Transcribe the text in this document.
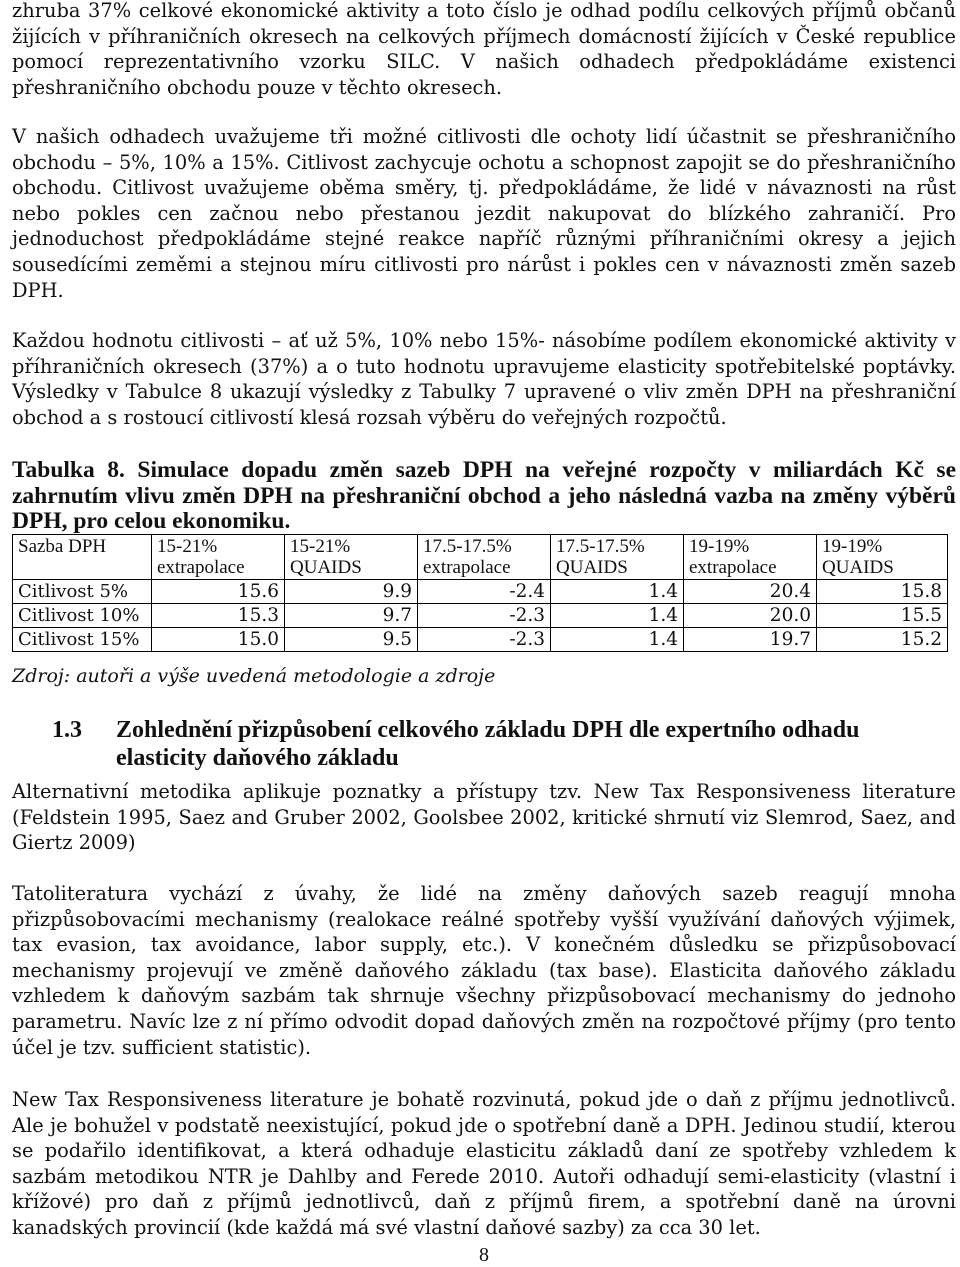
zhruba 37% celkové ekonomické aktivity a toto číslo je odhad podílu celkových příjmů občanů žijících v příhraničních okresech na celkových příjmech domácností žijících v České republice pomocí reprezentativního vzorku SILC. V našich odhadech předpokládáme existenci přeshraničního obchodu pouze v těchto okresech.

V našich odhadech uvažujeme tři možné citlivosti dle ochoty lidí účastnit se přeshraničního obchodu – 5%, 10% a 15%. Citlivost zachycuje ochotu a schopnost zapojit se do přeshraničního obchodu. Citlivost uvažujeme oběma směry, tj. předpokládáme, že lidé v návaznosti na růst nebo pokles cen začnou nebo přestanou jezdit nakupovat do blízkého zahraničí. Pro jednoduchost předpokládáme stejné reakce napříč různými příhraničními okresy a jejich sousedícími zeměmi a stejnou míru citlivosti pro nárůst i pokles cen v návaznosti změn sazeb DPH.

Každou hodnotu citlivosti – ať už 5%, 10% nebo 15%- násobíme podílem ekonomické aktivity v příhraničních okresech (37%) a o tuto hodnotu upravujeme elasticity spotřebitelské poptávky. Výsledky v Tabulce 8 ukazují výsledky z Tabulky 7 upravené o vliv změn DPH na přeshraniční obchod a s rostoucí citlivostí klesá rozsah výběru do veřejných rozpočtů.

Tabulka 8. Simulace dopadu změn sazeb DPH na veřejné rozpočty v miliardách Kč se zahrnutím vlivu změn DPH na přeshraniční obchod a jeho následná vazba na změny výběrů DPH, pro celou ekonomiku.
Sazba DPH	15-21% extrapolace	15-21% QUAIDS	17.5-17.5% extrapolace	17.5-17.5% QUAIDS	19-19% extrapolace	19-19% QUAIDS
Citlivost 5%	15.6	9.9	-2.4	1.4	20.4	15.8
Citlivost 10%	15.3	9.7	-2.3	1.4	20.0	15.5
Citlivost 15%	15.0	9.5	-2.3	1.4	19.7	15.2
Zdroj: autoři a výše uvedená metodologie a zdroje
1.3 Zohlednění přizpůsobení celkového základu DPH dle expertního odhadu elasticity daňového základu

Alternativní metodika aplikuje poznatky a přístupy tzv. New Tax Responsiveness literature (Feldstein 1995, Saez and Gruber 2002, Goolsbee 2002, kritické shrnutí viz Slemrod, Saez, and Giertz 2009)

Tatoliteratura vychází z úvahy, že lidé na změny daňových sazeb reagují mnoha přizpůsobovacími mechanismy (realokace reálné spotřeby vyšší využívání daňových výjimek, tax evasion, tax avoidance, labor supply, etc.). V konečném důsledku se přizpůsobovací mechanismy projevují ve změně daňového základu (tax base). Elasticita daňového základu vzhledem k daňovým sazbám tak shrnuje všechny přizpůsobovací mechanismy do jednoho parametru. Navíc lze z ní přímo odvodit dopad daňových změn na rozpočtové příjmy (pro tento účel je tzv. sufficient statistic).

New Tax Responsiveness literature je bohatě rozvinutá, pokud jde o daň z příjmu jednotlivců. Ale je bohužel v podstatě neexistující, pokud jde o spotřební daně a DPH. Jedinou studií, kterou se podařilo identifikovat, a která odhaduje elasticitu základů daní ze spotřeby vzhledem k sazbám metodikou NTR je Dahlby and Ferede 2010. Autoři odhadují semi-elasticity (vlastní i křížové) pro daň z příjmů jednotlivců, daň z příjmů firem, a spotřební daně na úrovni kanadských provincií (kde každá má své vlastní daňové sazby) za cca 30 let.

8
